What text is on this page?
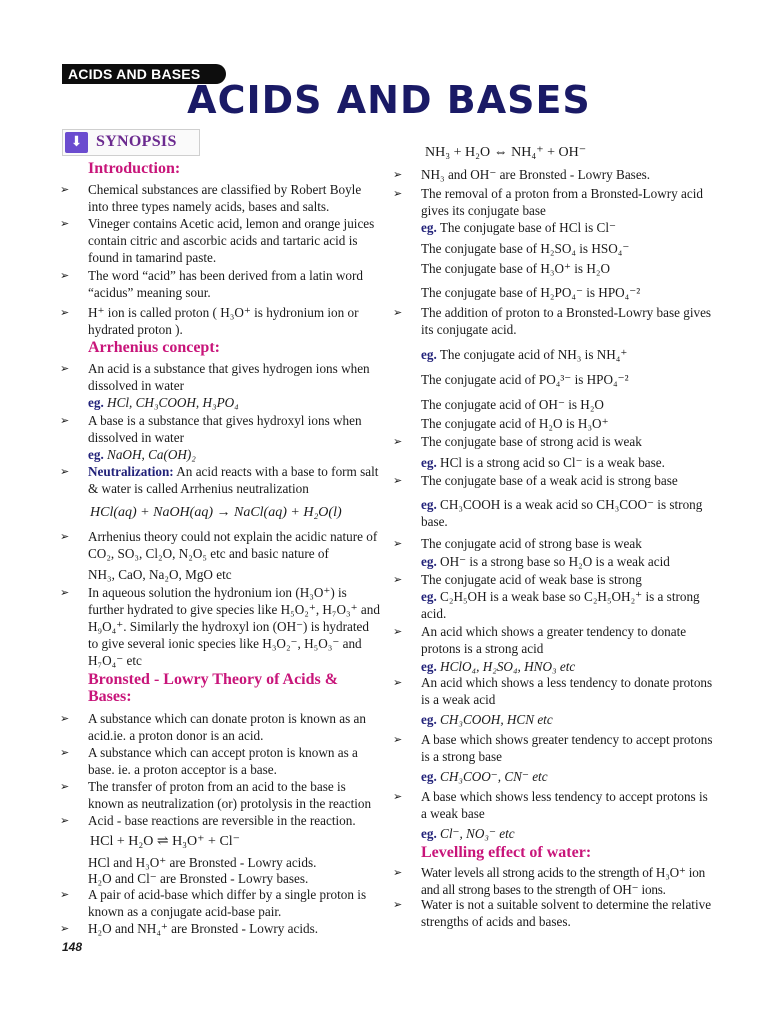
ACIDS AND BASES
ACIDS AND BASES
⬇ SYNOPSIS
Introduction:
➢ Chemical substances are classified by Robert Boyle into three types namely acids, bases and salts.
➢ Vineger contains Acetic acid, lemon and orange juices contain citric and ascorbic acids and tartaric acid is found in tamarind paste.
➢ The word “acid” has been derived from a latin word “acidus” meaning sour.
➢ H⁺ ion is called proton ( H₃O⁺ is hydronium ion or hydrated proton ).
Arrhenius concept:
➢ An acid is a substance that gives hydrogen ions when dissolved in water
eg. HCl, CH₃COOH, H₃PO₄
➢ A base is a substance that gives hydroxyl ions when dissolved in water
eg. NaOH, Ca(OH)₂
➢ Neutralization: An acid reacts with a base to form salt & water is called Arrhenius neutralization
HCl(aq) + NaOH(aq) → NaCl(aq) + H₂O(l)
➢ Arrhenius theory could not explain the acidic nature of CO₂, SO₃, Cl₂O, N₂O₅ etc and basic nature of
NH₃, CaO, Na₂O, MgO etc
➢ In aqueous solution the hydronium ion (H₃O⁺) is further hydrated to give species like H₅O₂⁺, H₇O₃⁺ and H₉O₄⁺. Similarly the hydroxyl ion (OH⁻) is hydrated to give several ionic species like H₃O₂⁻, H₅O₃⁻ and H₇O₄⁻ etc
Bronsted - Lowry Theory of Acids & Bases:
➢ A substance which can donate proton is known as an acid.ie. a proton donor is an acid.
➢ A substance which can accept proton is known as a base. ie. a proton acceptor is a base.
➢ The transfer of proton from an acid to the base is known as neutralization (or) protolysis in the reaction
➢ Acid - base reactions are reversible in the reaction.
HCl + H₂O ⇌ H₃O⁺ + Cl⁻
HCl and H₃O⁺ are Bronsted - Lowry acids.
H₂O and Cl⁻ are Bronsted - Lowry bases.
➢ A pair of acid-base which differ by a single proton is known as a conjugate acid-base pair.
➢ H₂O and NH₄⁺ are Bronsted - Lowry acids.
NH₃ + H₂O ⇔ NH₄⁺ + OH⁻
➢ NH₃ and OH⁻ are Bronsted - Lowry Bases.
➢ The removal of a proton from a Bronsted-Lowry acid gives its conjugate base
eg. The conjugate base of HCl is Cl⁻
The conjugate base of H₂SO₄ is HSO₄⁻
The conjugate base of H₃O⁺ is H₂O
The conjugate base of H₂PO₄⁻ is HPO₄⁻²
➢ The addition of proton to a Bronsted-Lowry base gives its conjugate acid.
eg. The conjugate acid of NH₃ is NH₄⁺
The conjugate acid of PO₄³⁻ is HPO₄⁻²
The conjugate acid of OH⁻ is H₂O
The conjugate acid of H₂O is H₃O⁺
➢ The conjugate base of strong acid is weak
eg. HCl is a strong acid so Cl⁻ is a weak base.
➢ The conjugate base of a weak acid is strong base
eg. CH₃COOH is a weak acid so CH₃COO⁻ is strong base.
➢ The conjugate acid of strong base is weak
eg. OH⁻ is a strong base so H₂O is a weak acid
➢ The conjugate acid of weak base is strong
eg. C₂H₅OH is a weak base so C₂H₅OH₂⁺ is a strong acid.
➢ An acid which shows a greater tendency to donate protons is a strong acid
eg. HClO₄, H₂SO₄, HNO₃ etc
➢ An acid which shows a less tendency to donate protons is a weak acid
eg. CH₃COOH, HCN etc
➢ A base which shows greater tendency to accept protons is a strong base
eg. CH₃COO⁻, CN⁻ etc
➢ A base which shows less tendency to accept protons is a weak base
eg. Cl⁻, NO₃⁻ etc
Levelling effect of water:
➢ Water levels all strong acids to the strength of H₃O⁺ ion and all strong bases to the strength of OH⁻ ions.
➢ Water is not a suitable solvent to determine the relative strengths of acids and bases.
148
